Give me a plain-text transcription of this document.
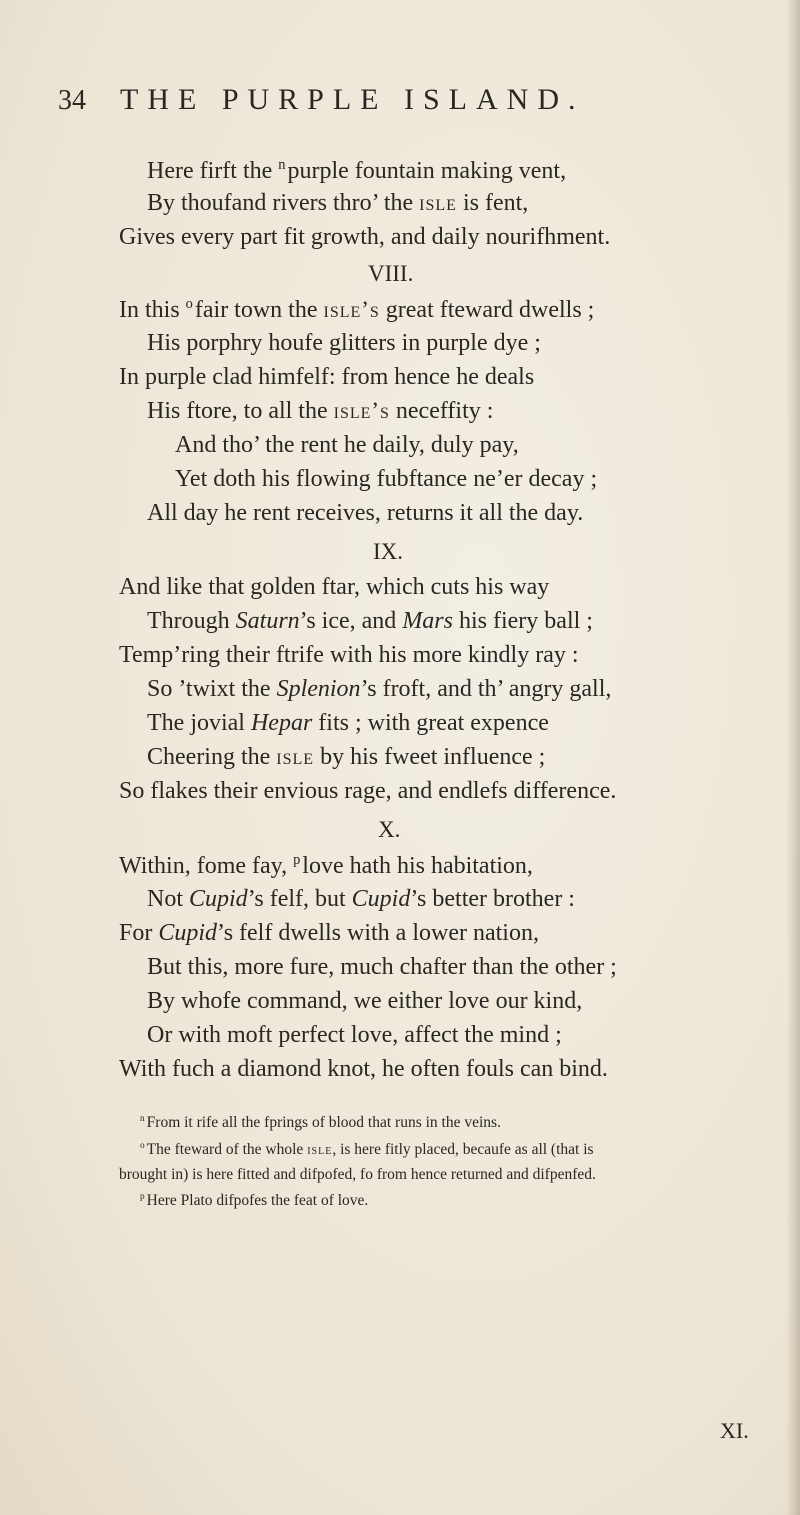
34 THE PURPLE ISLAND.
Here firft the $^n$purple fountain making vent,
By thoufand rivers thro’ the isle is fent,
Gives every part fit growth, and daily nourifhment.
VIII.
In this $^o$fair town the isle’s great fteward dwells ;
His porphry houfe glitters in purple dye ;
In purple clad himfelf: from hence he deals
His ftore, to all the isle’s neceffity :
And tho’ the rent he daily, duly pay,
Yet doth his flowing fubftance ne’er decay ;
All day he rent receives, returns it all the day.
IX.
And like that golden ftar, which cuts his way
Through Saturn’s ice, and Mars his fiery ball ;
Temp’ring their ftrife with his more kindly ray :
So ’twixt the Splenion’s froft, and th’ angry gall,
The jovial Hepar fits ; with great expence
Cheering the isle by his fweet influence ;
So flakes their envious rage, and endlefs difference.
X.
Within, fome fay, $^p$love hath his habitation,
Not Cupid’s felf, but Cupid’s better brother :
For Cupid’s felf dwells with a lower nation,
But this, more fure, much chafter than the other ;
By whofe command, we either love our kind,
Or with moft perfect love, affect the mind ;
With fuch a diamond knot, he often fouls can bind.
$^n$ From it rife all the fprings of blood that runs in the veins.
$^o$ The fteward of the whole isle, is here fitly placed, becaufe as all (that is
brought in) is here fitted and difpofed, fo from hence returned and difpenfed.
$^p$ Here Plato difpofes the feat of love.
XI.
